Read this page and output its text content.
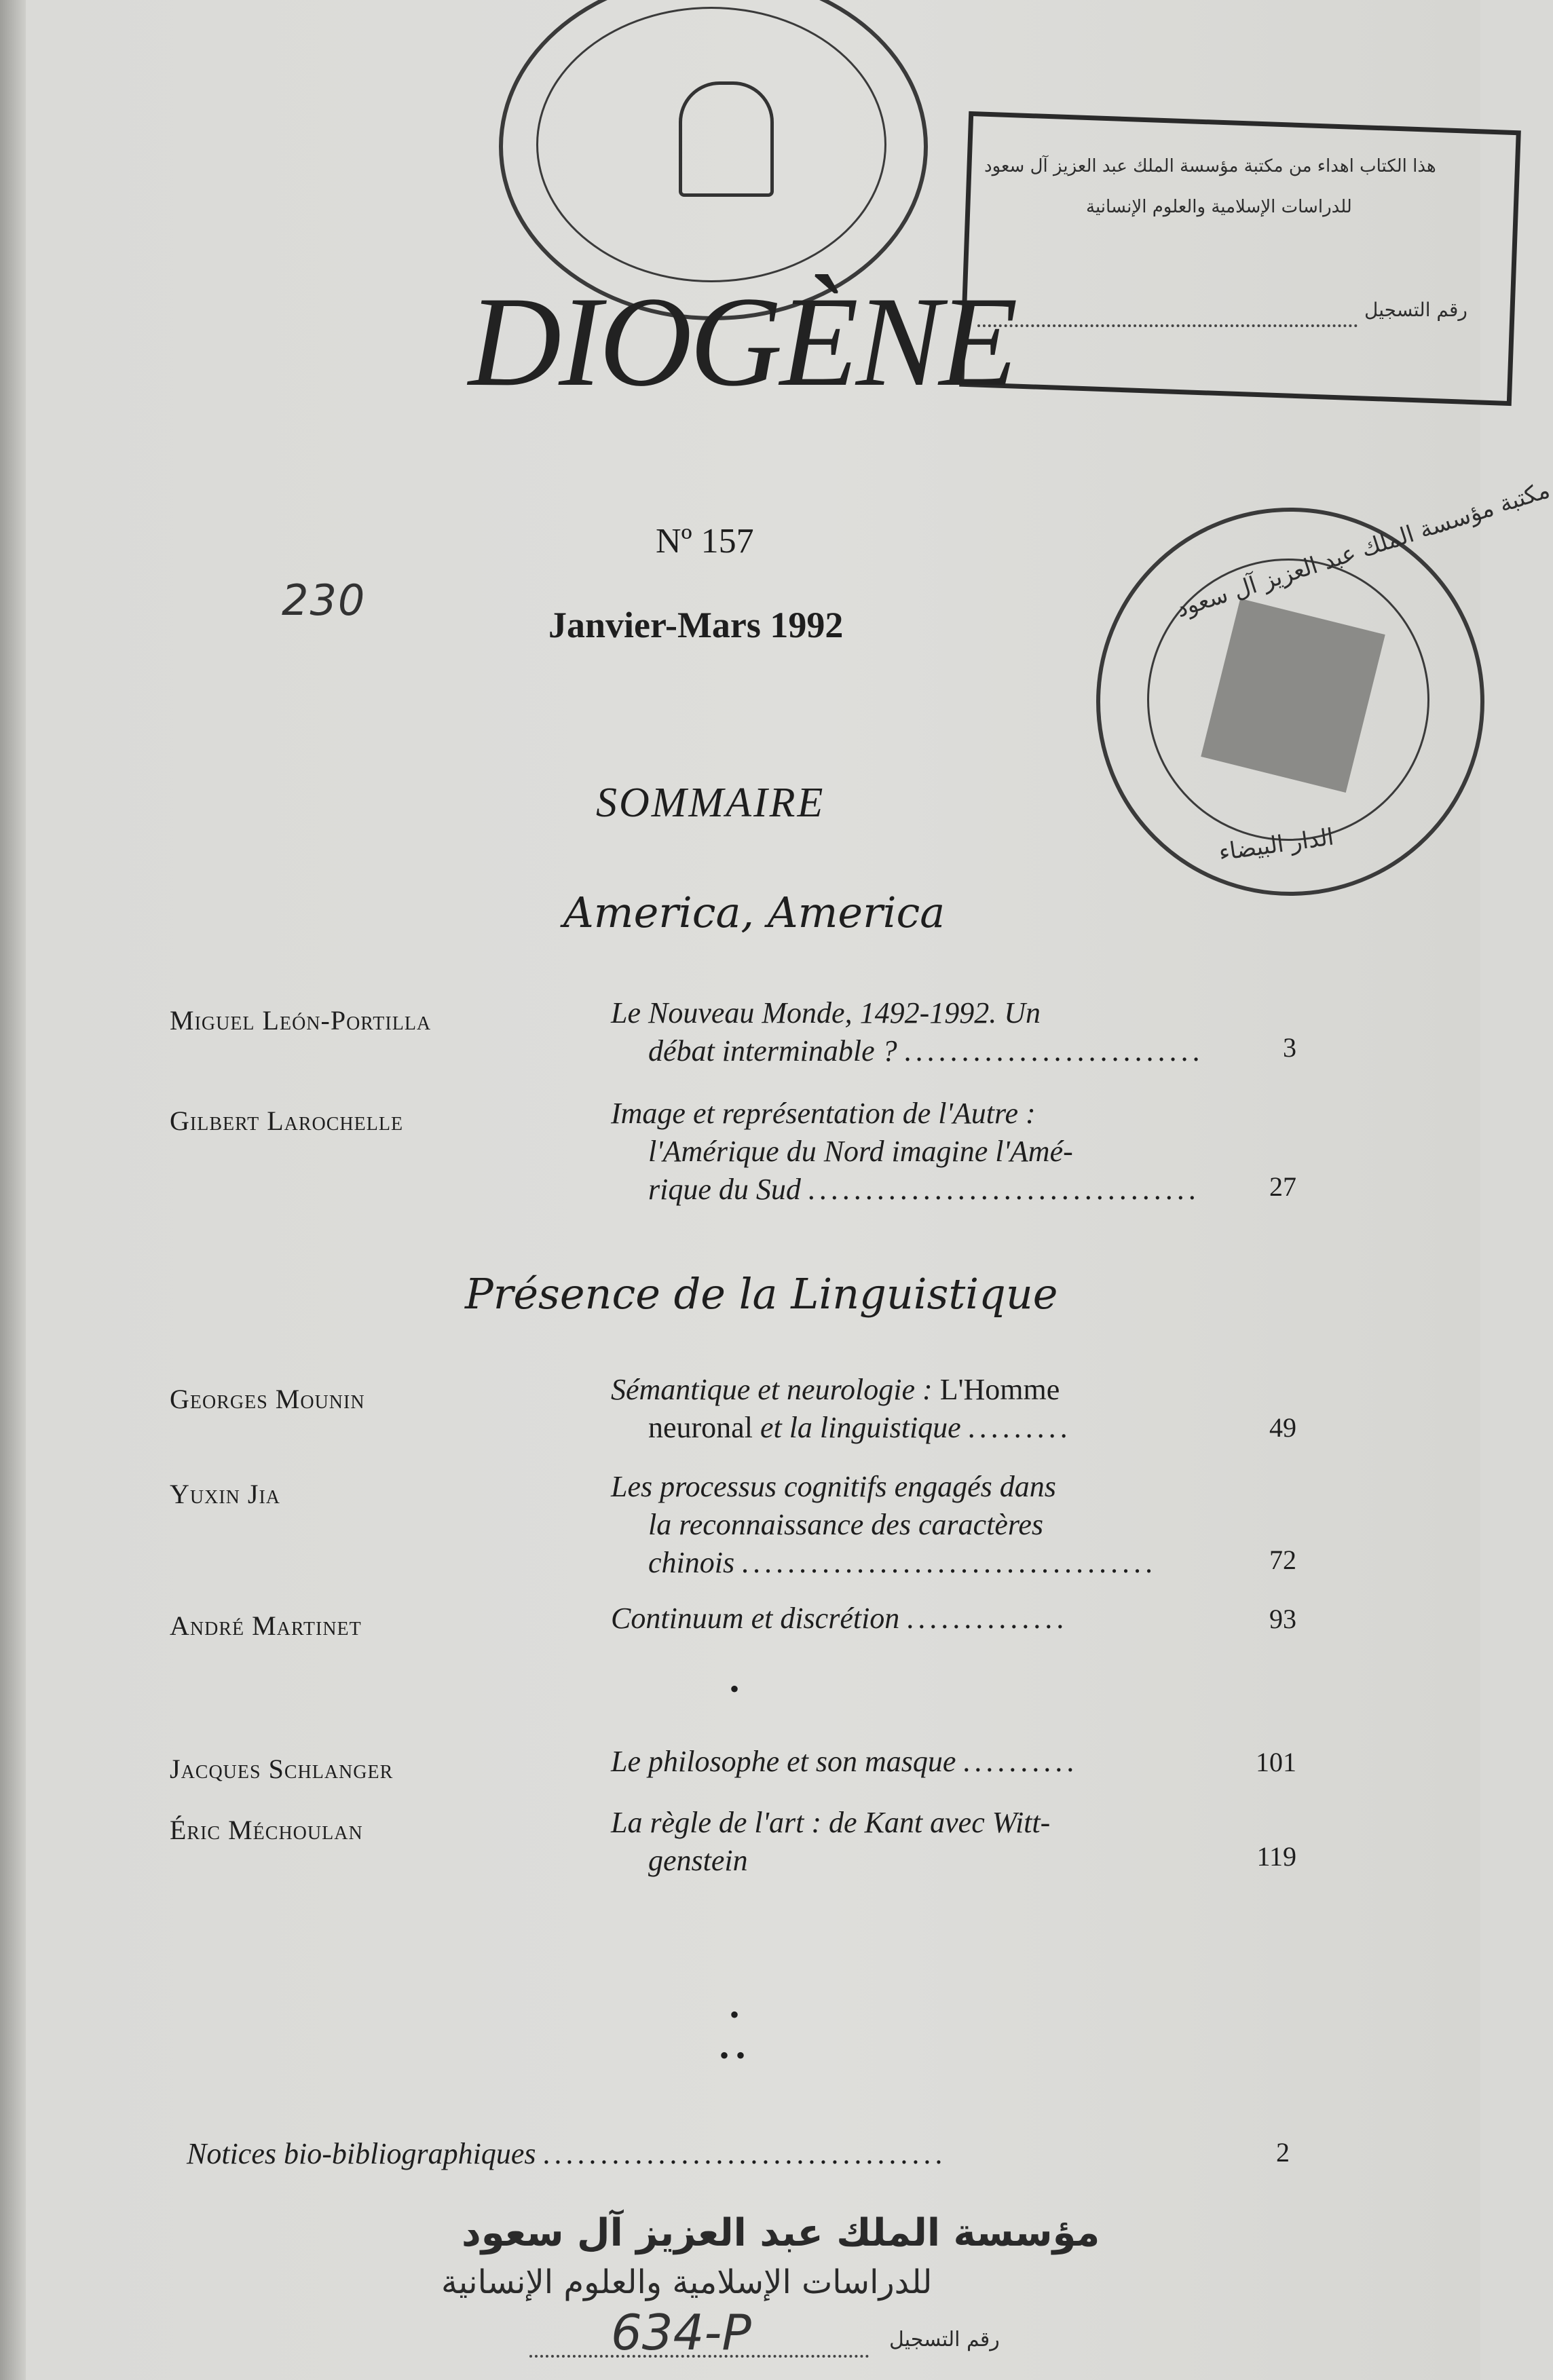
هذا الكتاب اهداء من مكتبة مؤسسة الملك عبد العزيز آل سعود
للدراسات الإسلامية والعلوم الإنسانية
رقم التسجيل
مكتبة مؤسسة الملك عبد العزيز آل سعود
الدار البيضاء
DIOGÈNE
Nº 157
230	Janvier-Mars 1992
SOMMAIRE
America, America
Miguel León-Portilla	Le Nouveau Monde, 1492-1992. Un
débat interminable ? ..........................	3
Gilbert Larochelle	Image et représentation de l'Autre :
l'Amérique du Nord imagine l'Amé-
rique du Sud ..................................	27
Présence de la Linguistique
Georges Mounin	Sémantique et neurologie : L'Homme
neuronal et la linguistique .........	49
Yuxin Jia	Les processus cognitifs engagés dans
la reconnaissance des caractères
chinois ....................................	72
André Martinet	Continuum et discrétion ..............	93
•
Jacques Schlanger	Le philosophe et son masque ..........	101
Éric Méchoulan	La règle de l'art : de Kant avec Witt-
genstein	119
•
• •
Notices bio-bibliographiques ...................................	2
مؤسسة الملك عبد العزيز آل سعود
للدراسات الإسلامية والعلوم الإنسانية
رقم التسجيل
634-P
